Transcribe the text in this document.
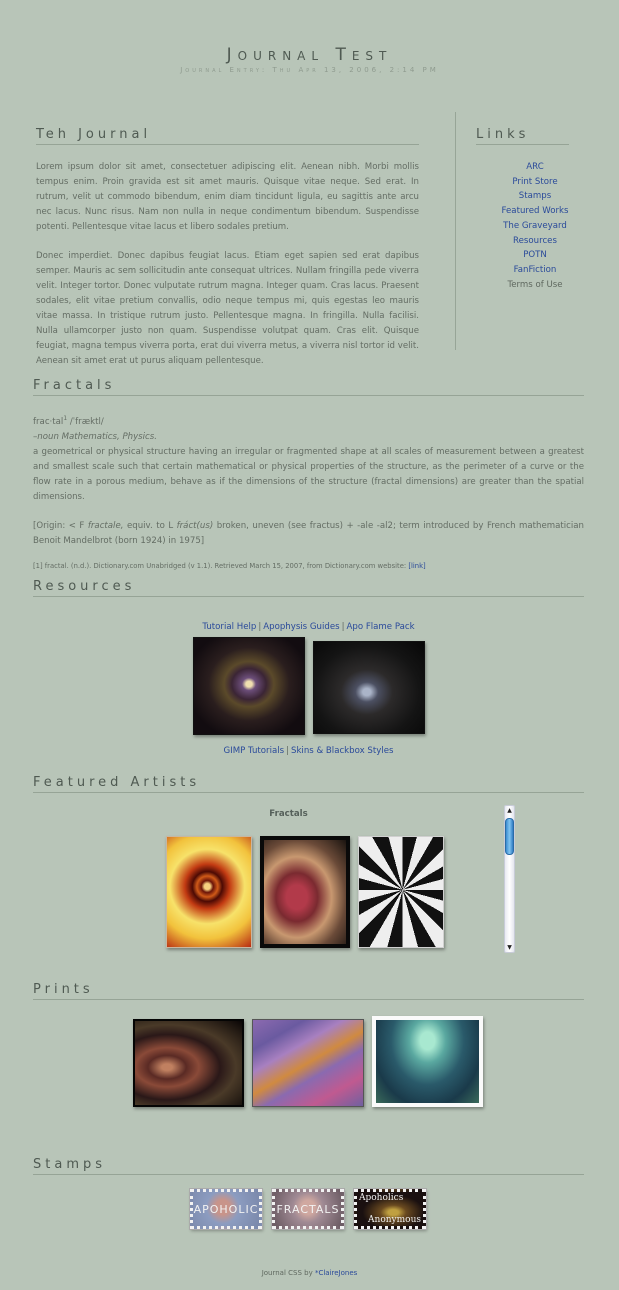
Journal Test
Journal Entry: Thu Apr 13, 2006, 2:14 PM
Teh Journal

Lorem ipsum dolor sit amet, consectetuer adipiscing elit. Aenean nibh. Morbi mollis tempus enim. Proin gravida est sit amet mauris. Quisque vitae neque. Sed erat. In rutrum, velit ut commodo bibendum, enim diam tincidunt ligula, eu sagittis ante arcu nec lacus. Nunc risus. Nam non nulla in neque condimentum bibendum. Suspendisse potenti. Pellentesque vitae lacus et libero sodales pretium.

Donec imperdiet. Donec dapibus feugiat lacus. Etiam eget sapien sed erat dapibus semper. Mauris ac sem sollicitudin ante consequat ultrices. Nullam fringilla pede viverra velit. Integer tortor. Donec vulputate rutrum magna. Integer quam. Cras lacus. Praesent sodales, elit vitae pretium convallis, odio neque tempus mi, quis egestas leo mauris vitae massa. In tristique rutrum justo. Pellentesque magna. In fringilla. Nulla facilisi. Nulla ullamcorper justo non quam. Suspendisse volutpat quam. Cras elit. Quisque feugiat, magna tempus viverra porta, erat dui viverra metus, a viverra nisl tortor id velit. Aenean sit amet erat ut purus aliquam pellentesque.

Links
ARC
Print Store
Stamps
Featured Works
The Graveyard
Resources
POTN
FanFiction
Terms of Use
Fractals
frac·tal$^1$ /ˈfræktl/
–noun Mathematics, Physics.
a geometrical or physical structure having an irregular or fragmented shape at all scales of measurement between a greatest and smallest scale such that certain mathematical or physical properties of the structure, as the perimeter of a curve or the flow rate in a porous medium, behave as if the dimensions of the structure (fractal dimensions) are greater than the spatial dimensions.
[Origin: < F fractale, equiv. to L fráct(us) broken, uneven (see fractus) + -ale -al2; term introduced by French mathematician Benoit Mandelbrot (born 1924) in 1975]
[1] fractal. (n.d.). Dictionary.com Unabridged (v 1.1). Retrieved March 15, 2007, from Dictionary.com website: [link]
Resources
Tutorial Help | Apophysis Guides | Apo Flame Pack
GIMP Tutorials | Skins & Blackbox Styles
Featured Artists
Fractals	▲
▼
Prints
Stamps
APOHOLIC FRACTALS
Apoholics
Anonymous
Journal CSS by *ClaireJones
